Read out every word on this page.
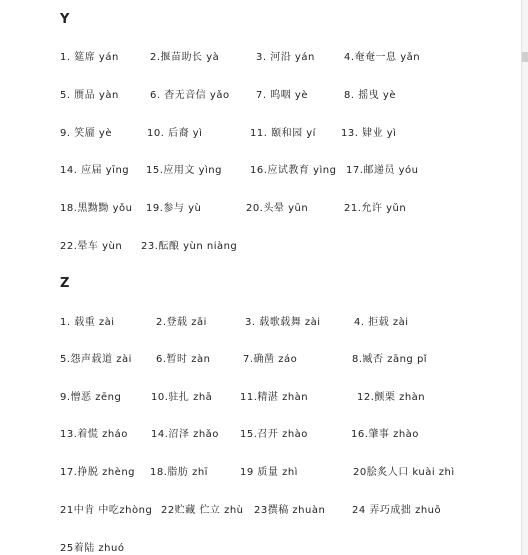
Y
1. 筵席 yán	2.揠苗助长 yà	3. 河沿 yán	4.奄奄一息 yǎn
5. 赝品 yàn	6. 杳无音信 yǎo	7. 呜咽 yè	8. 摇曳 yè
9. 笑靥 yè	10. 后裔 yì	11. 颐和园 yí	13. 肄业 yì
14. 应届 yīng 15.应用文 yìng	16.应试教育 yìng 17.邮递员 yóu
18.黑黝黝 yǒu 19.参与 yù	20.头晕 yūn	21.允许 yǔn
22.晕车 yùn 23.酝酿 yùn niàng
Z
1. 载重 zài	2.登载 zǎi	3. 载歌载舞 zài	4. 拒载 zài
5.怨声载道 zài 6.暂时 zàn	7.确凿 záo	8.臧否 zāng pǐ
9.憎恶 zēng	10.驻扎 zhā	11.精湛 zhàn	12.颤栗 zhàn
13.着慌 zháo 14.沼泽 zhǎo 15.召开 zhào	16.肇事 zhào
17.挣脱 zhèng 18.脂肪 zhī	19 质量 zhì	20脍炙人口 kuài zhì
21中肯 中吃zhòng 22贮藏 伫立 zhù 23撰稿 zhuàn	24 弄巧成拙 zhuō
25着陆 zhuó
